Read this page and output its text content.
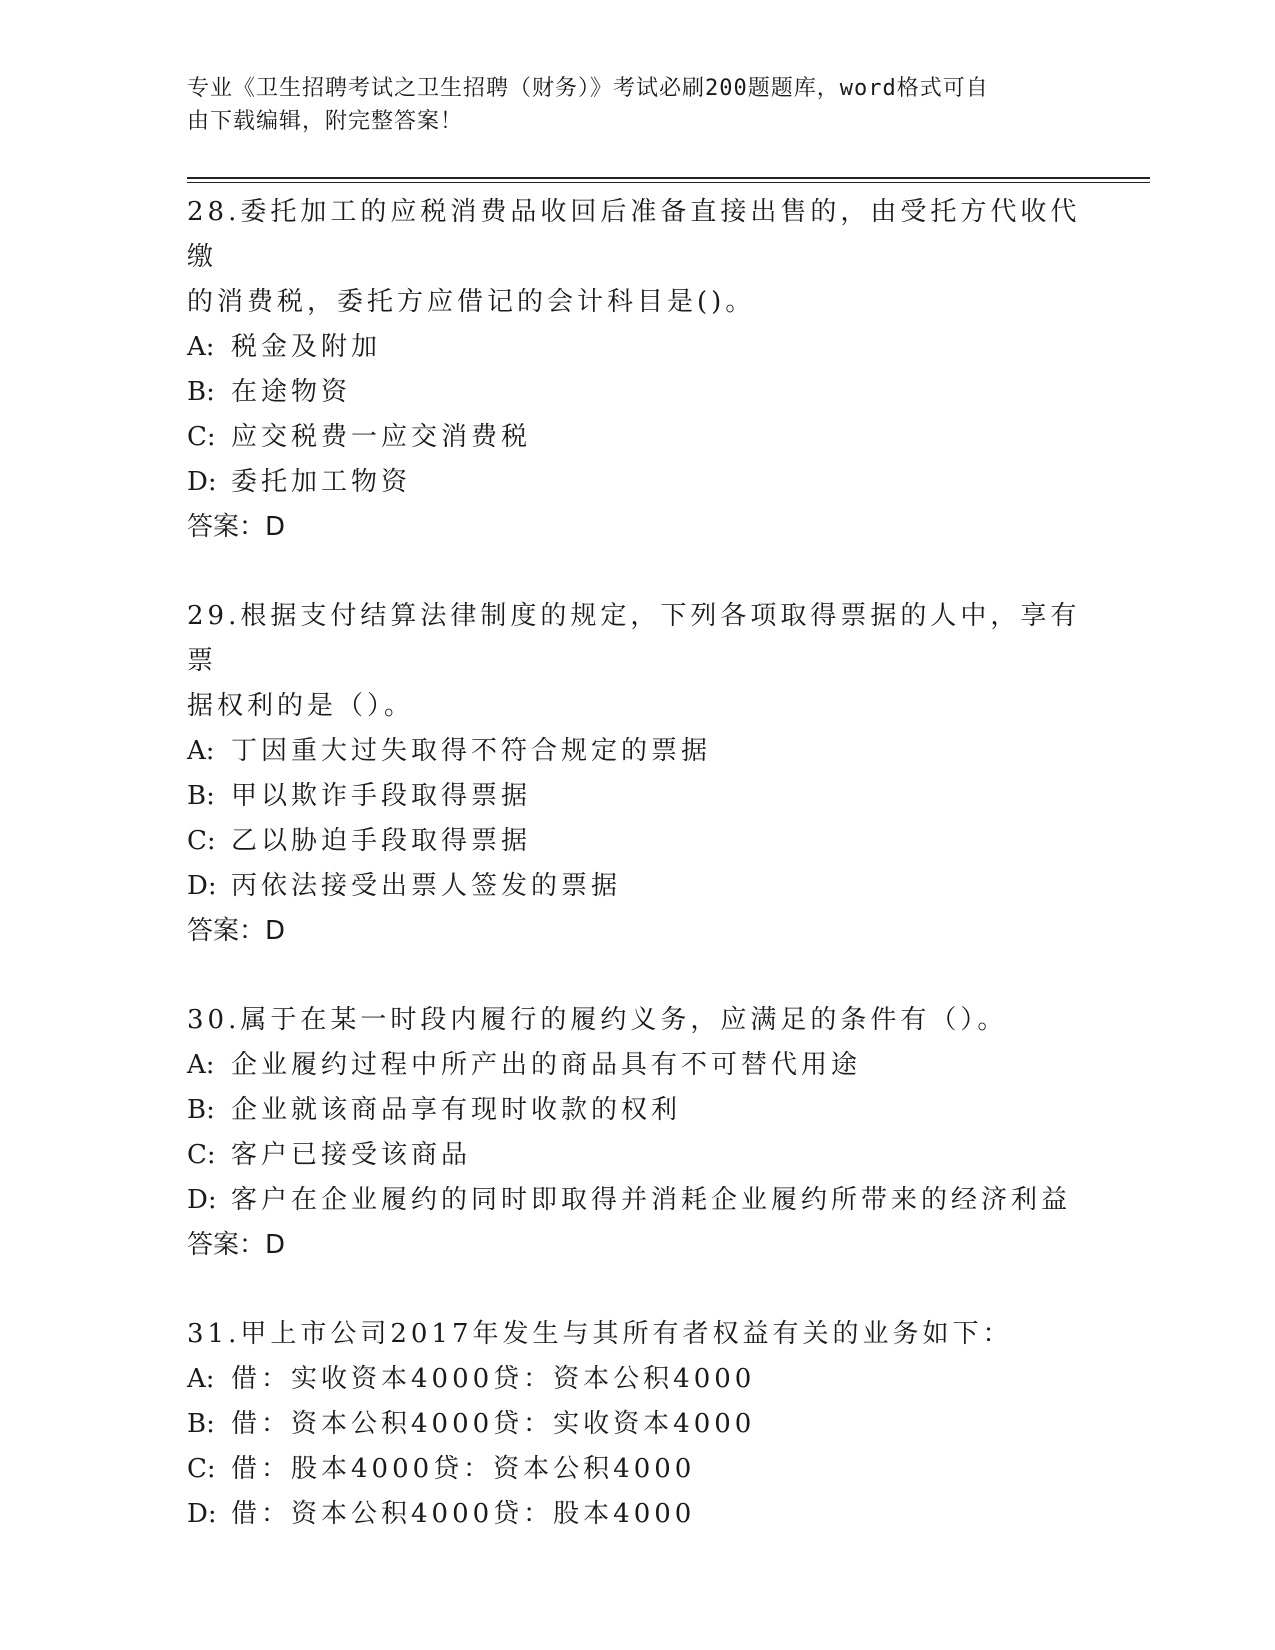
专业《卫生招聘考试之卫生招聘（财务）》考试必刷200题题库，word格式可自
由下载编辑，附完整答案！
28.委托加工的应税消费品收回后准备直接出售的，由受托方代收代缴
的消费税，委托方应借记的会计科目是()。
A: 税金及附加
B: 在途物资
C: 应交税费一应交消费税
D: 委托加工物资
答案：D
29.根据支付结算法律制度的规定，下列各项取得票据的人中，享有票
据权利的是（）。
A: 丁因重大过失取得不符合规定的票据
B: 甲以欺诈手段取得票据
C: 乙以胁迫手段取得票据
D: 丙依法接受出票人签发的票据
答案：D
30.属于在某一时段内履行的履约义务，应满足的条件有（）。
A: 企业履约过程中所产出的商品具有不可替代用途
B: 企业就该商品享有现时收款的权利
C: 客户已接受该商品
D: 客户在企业履约的同时即取得并消耗企业履约所带来的经济利益
答案：D
31.甲上市公司2017年发生与其所有者权益有关的业务如下：
A: 借：实收资本4000贷：资本公积4000
B: 借：资本公积4000贷：实收资本4000
C: 借：股本4000贷：资本公积4000
D: 借：资本公积4000贷：股本4000
